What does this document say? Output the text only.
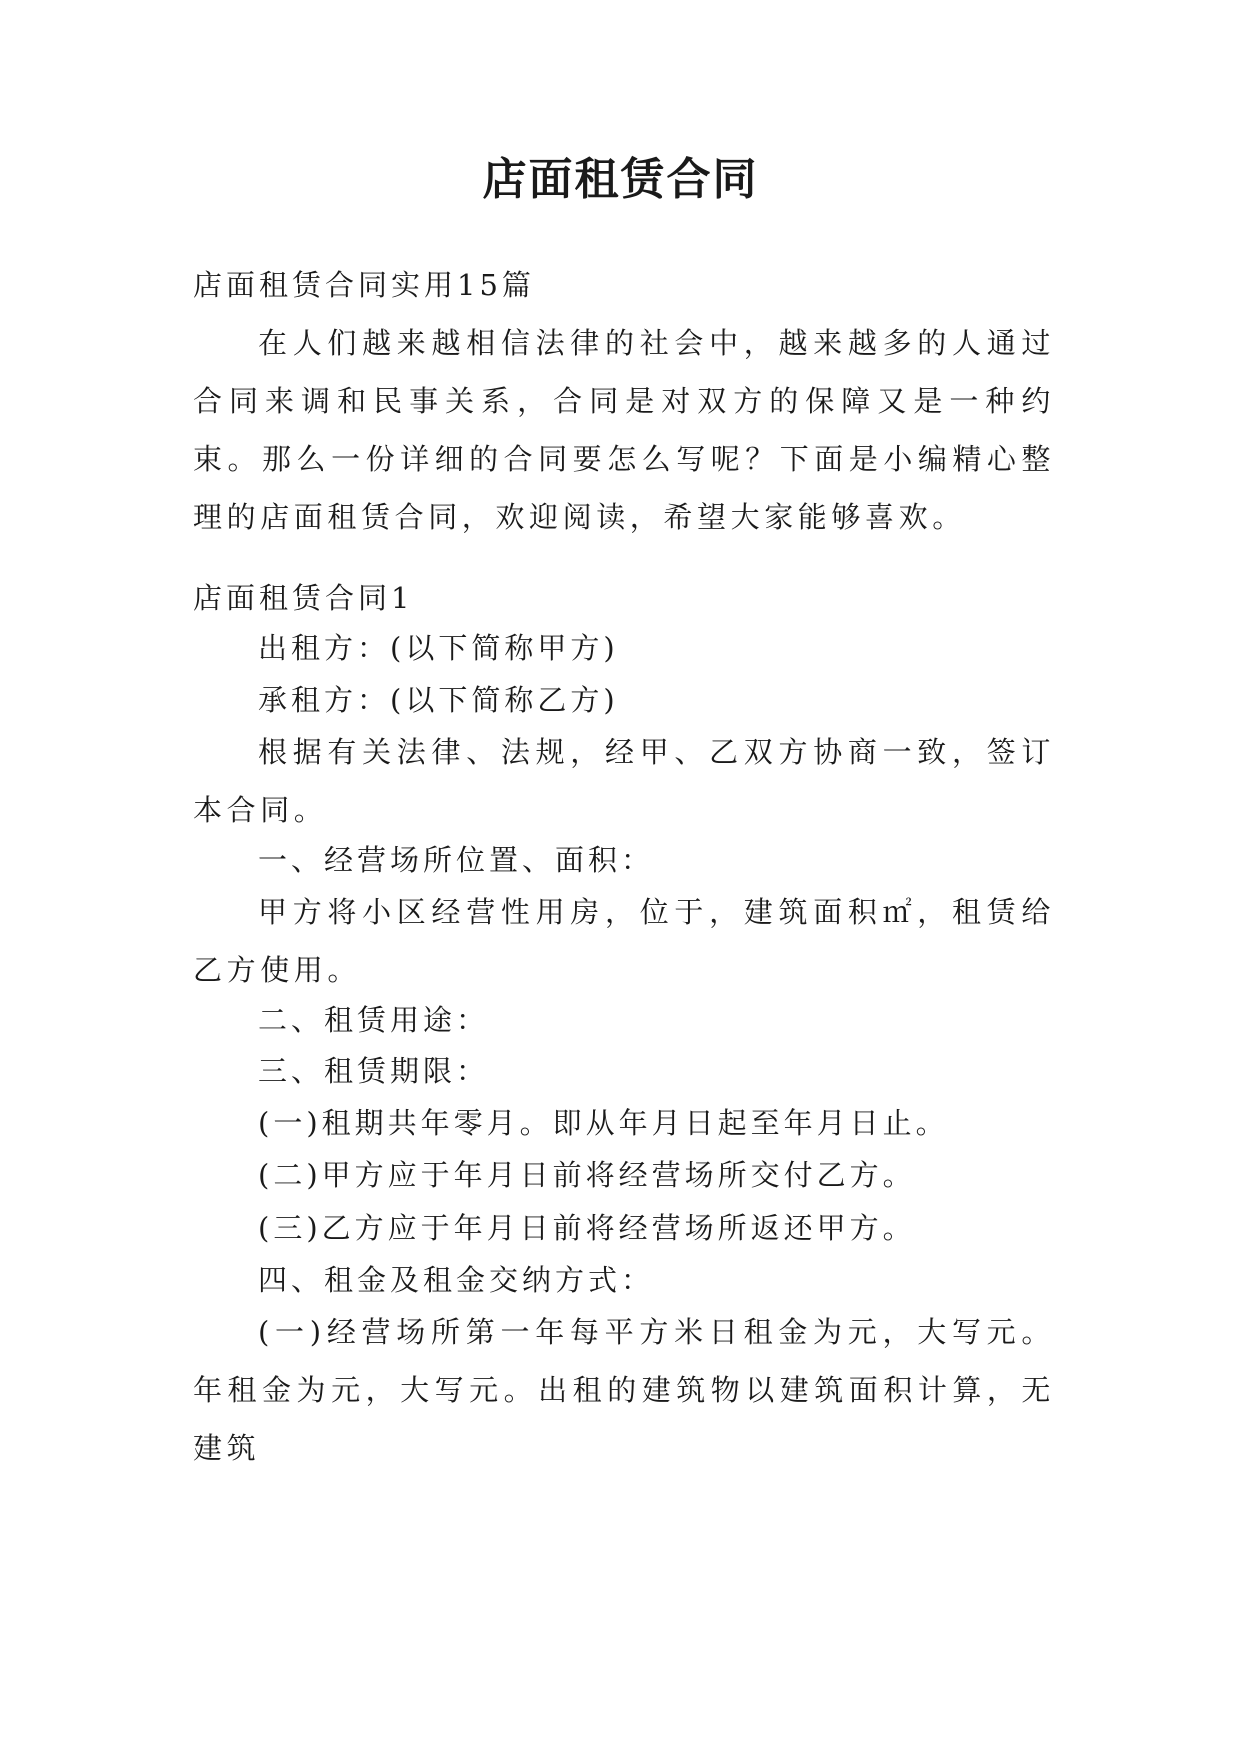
店面租赁合同
店面租赁合同实用15篇
在人们越来越相信法律的社会中，越来越多的人通过合同来调和民事关系，合同是对双方的保障又是一种约束。那么一份详细的合同要怎么写呢？下面是小编精心整理的店面租赁合同，欢迎阅读，希望大家能够喜欢。
店面租赁合同1
出租方：(以下简称甲方)
承租方：(以下简称乙方)
根据有关法律、法规，经甲、乙双方协商一致，签订本合同。
一、经营场所位置、面积：
甲方将小区经营性用房，位于，建筑面积㎡，租赁给乙方使用。
二、租赁用途：
三、租赁期限：
(一)租期共年零月。即从年月日起至年月日止。
(二)甲方应于年月日前将经营场所交付乙方。
(三)乙方应于年月日前将经营场所返还甲方。
四、租金及租金交纳方式：
(一)经营场所第一年每平方米日租金为元，大写元。年租金为元，大写元。出租的建筑物以建筑面积计算，无建筑
